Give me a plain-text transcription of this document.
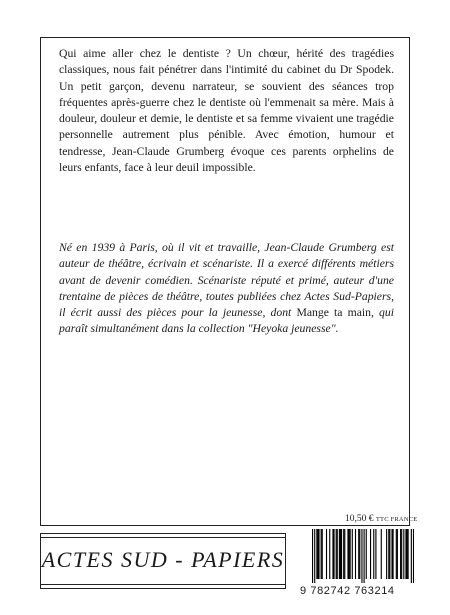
Qui aime aller chez le dentiste ? Un chœur, hérité des tragédies classiques, nous fait pénétrer dans l'intimité du cabinet du Dr Spodek. Un petit garçon, devenu narrateur, se souvient des séances trop fréquentes après-guerre chez le dentiste où l'emmenait sa mère. Mais à douleur, douleur et demie, le dentiste et sa femme vivaient une tragédie personnelle autrement plus pénible. Avec émotion, humour et tendresse, Jean-Claude Grumberg évoque ces parents orphelins de leurs enfants, face à leur deuil impossible.

Né en 1939 à Paris, où il vit et travaille, Jean-Claude Grumberg est auteur de théâtre, écrivain et scénariste. Il a exercé différents métiers avant de devenir comédien. Scénariste réputé et primé, auteur d'une trentaine de pièces de théâtre, toutes publiées chez Actes Sud-Papiers, il écrit aussi des pièces pour la jeunesse, dont Mange ta main, qui paraît simultanément dans la collection "Heyoka jeunesse".

10,50 € TTC FRANCE
ACTES SUD - PAPIERS
9 782742 763214
